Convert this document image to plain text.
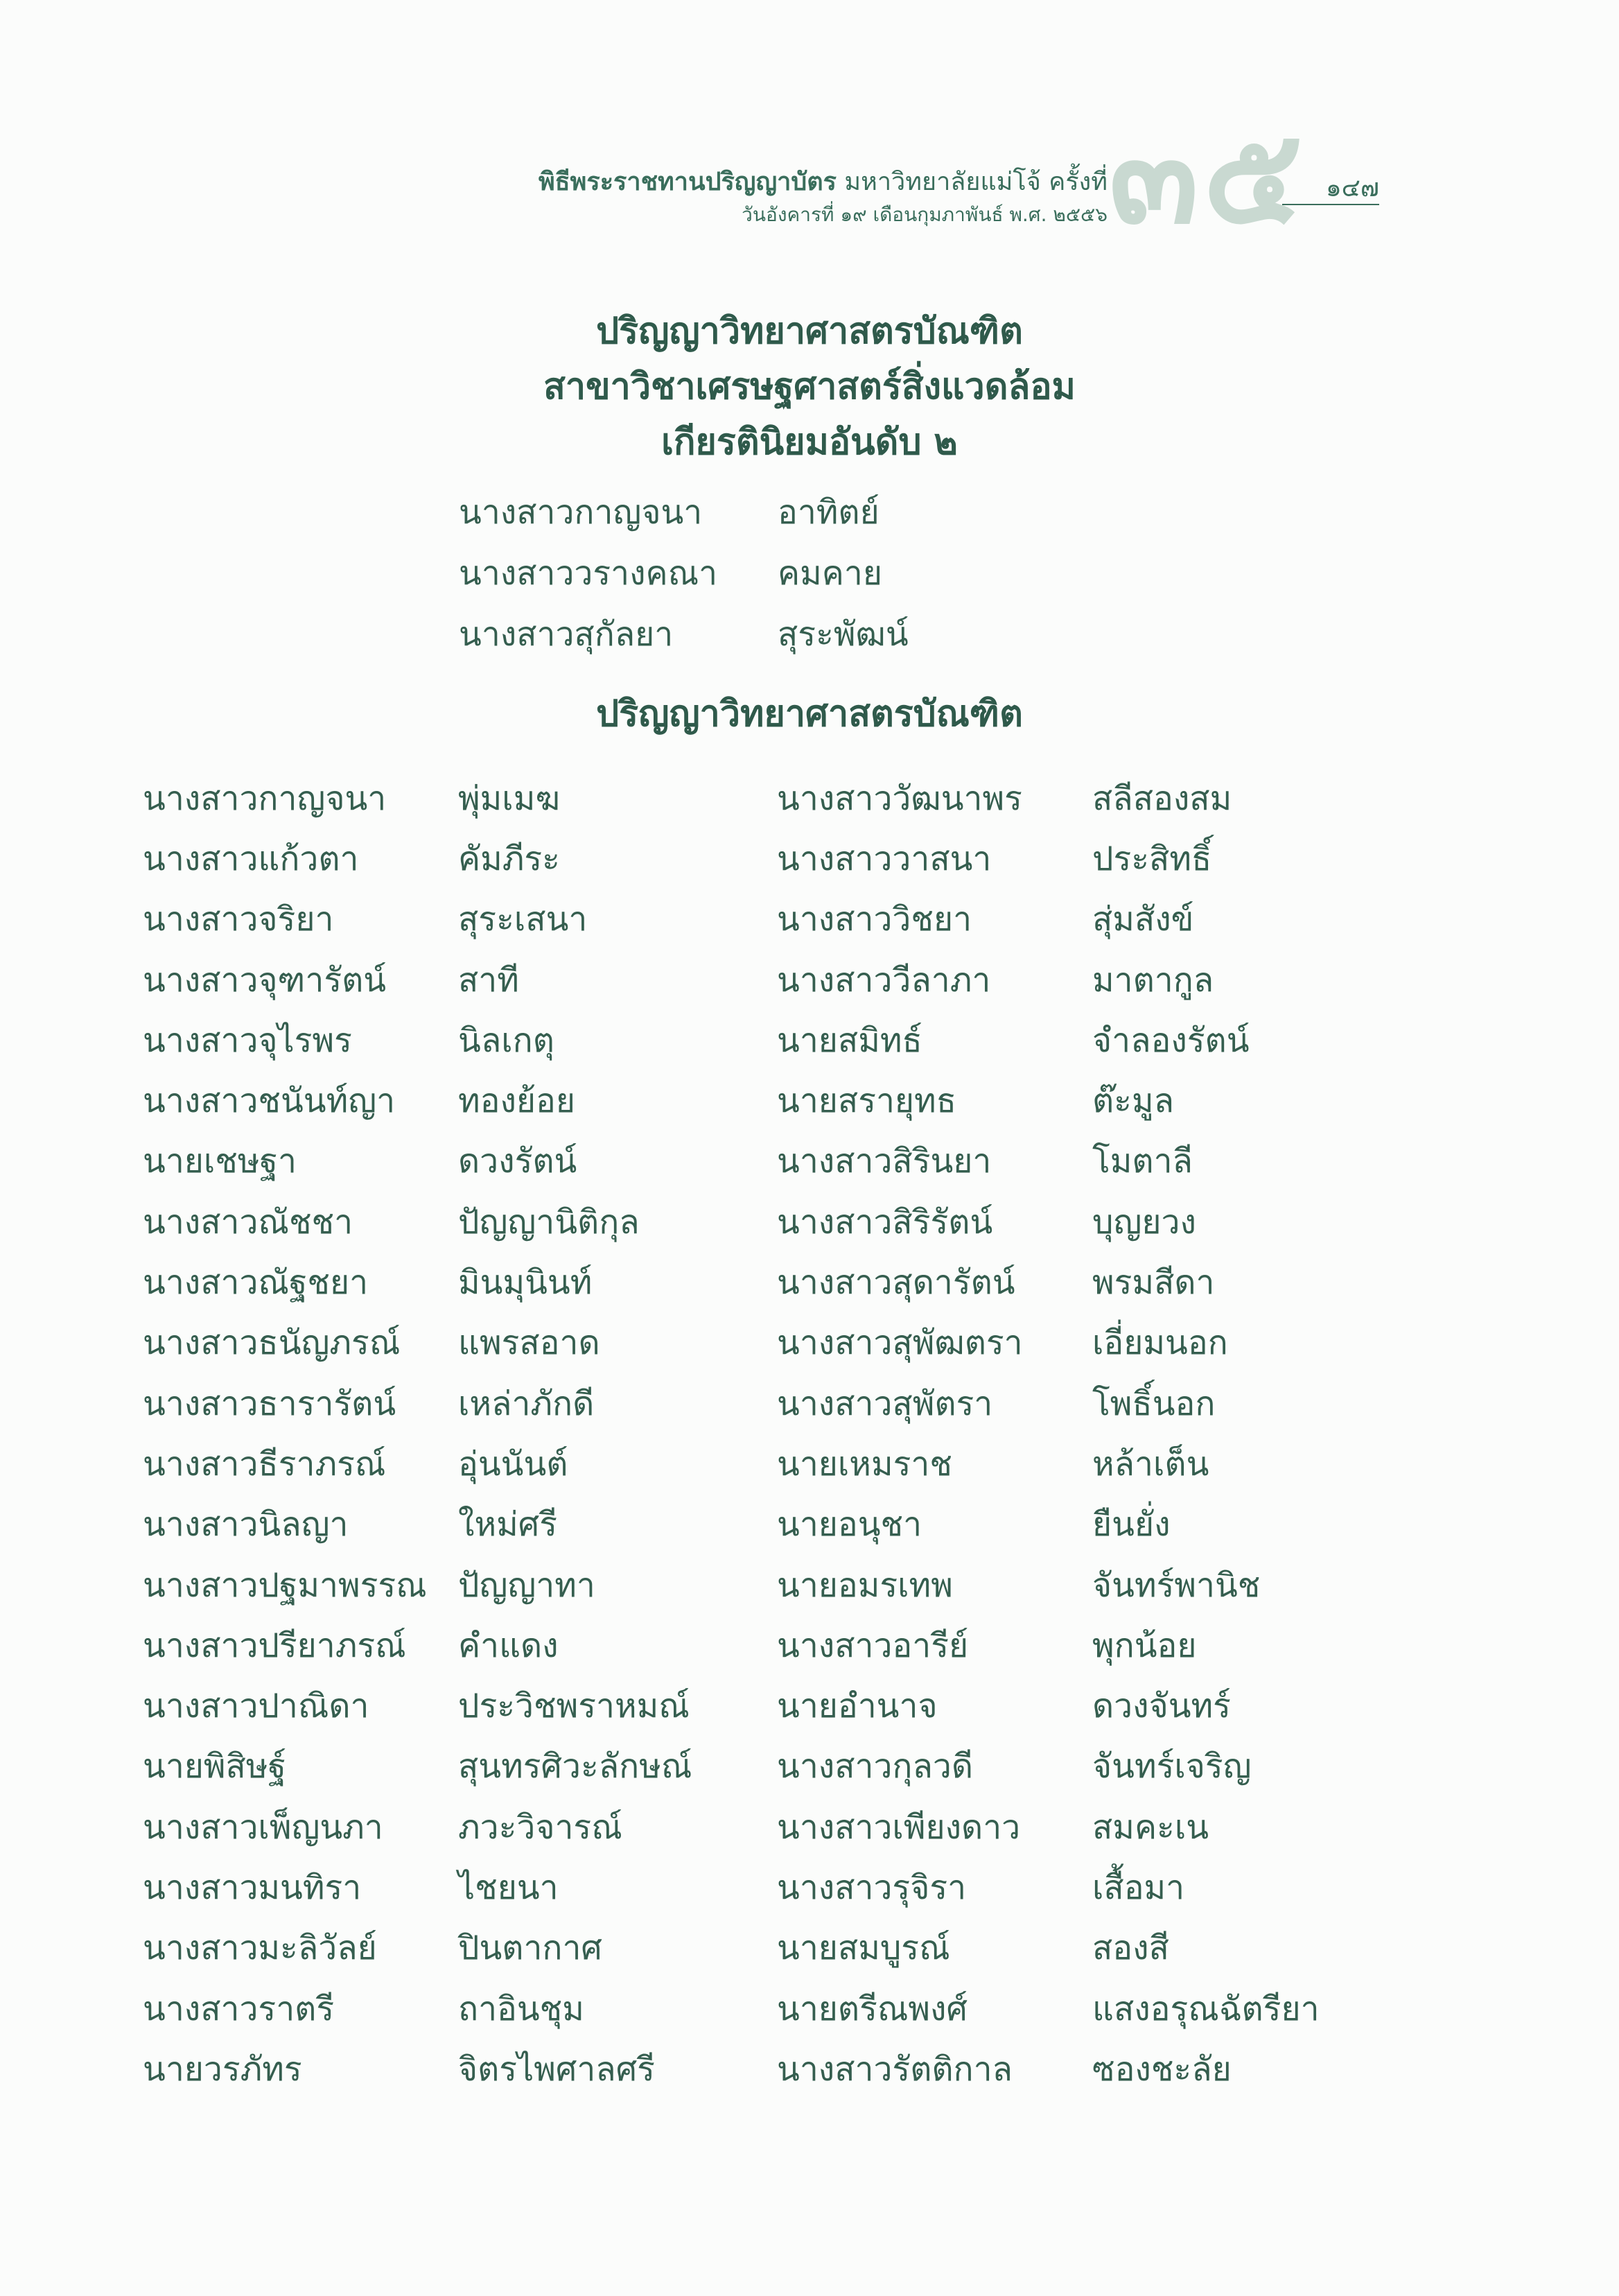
๓๕
พิธีพระราชทานปริญญาบัตร มหาวิทยาลัยแม่โจ้ ครั้งที่
วันอังคารที่ ๑๙ เดือนกุมภาพันธ์ พ.ศ. ๒๕๕๖
๑๔๗
ปริญญาวิทยาศาสตรบัณฑิต
สาขาวิชาเศรษฐศาสตร์สิ่งแวดล้อม
เกียรตินิยมอันดับ ๒
นางสาวกาญจนา	อาทิตย์
นางสาววรางคณา	คมคาย
นางสาวสุกัลยา	สุระพัฒน์
ปริญญาวิทยาศาสตรบัณฑิต
นางสาวกาญจนา	พุ่มเมฆ	นางสาววัฒนาพร	สลีสองสม
นางสาวแก้วตา	คัมภีระ	นางสาววาสนา	ประสิทธิ์
นางสาวจริยา	สุระเสนา	นางสาววิชยา	สุ่มสังข์
นางสาวจุฑารัตน์	สาที	นางสาววีลาภา	มาตากูล
นางสาวจุไรพร	นิลเกตุ	นายสมิทธ์	จำลองรัตน์
นางสาวชนันท์ญา	ทองย้อย	นายสรายุทธ	ต๊ะมูล
นายเชษฐา	ดวงรัตน์	นางสาวสิรินยา	โมตาลี
นางสาวณัชชา	ปัญญานิติกุล	นางสาวสิริรัตน์	บุญยวง
นางสาวณัฐชยา	มินมุนินท์	นางสาวสุดารัตน์	พรมสีดา
นางสาวธนัญภรณ์	แพรสอาด	นางสาวสุพัฒตรา	เอี่ยมนอก
นางสาวธารารัตน์	เหล่าภักดี	นางสาวสุพัตรา	โพธิ์นอก
นางสาวธีราภรณ์	อุ่นนันต์	นายเหมราช	หล้าเต็น
นางสาวนิลญา	ใหม่ศรี	นายอนุชา	ยืนยั่ง
นางสาวปฐมาพรรณ ปัญญาทา	นายอมรเทพ	จันทร์พานิช
นางสาวปรียาภรณ์	คำแดง	นางสาวอารีย์	พุกน้อย
นางสาวปาณิดา	ประวิชพราหมณ์	นายอำนาจ	ดวงจันทร์
นายพิสิษฐ์	สุนทรศิวะลักษณ์	นางสาวกุลวดี	จันทร์เจริญ
นางสาวเพ็ญนภา	ภวะวิจารณ์	นางสาวเพียงดาว	สมคะเน
นางสาวมนทิรา	ไชยนา	นางสาวรุจิรา	เสื้อมา
นางสาวมะลิวัลย์	ปินตากาศ	นายสมบูรณ์	สองสี
นางสาวราตรี	ถาอินชุม	นายตรีณพงศ์	แสงอรุณฉัตรียา
นายวรภัทร	จิตรไพศาลศรี	นางสาวรัตติกาล	ซองชะลัย
